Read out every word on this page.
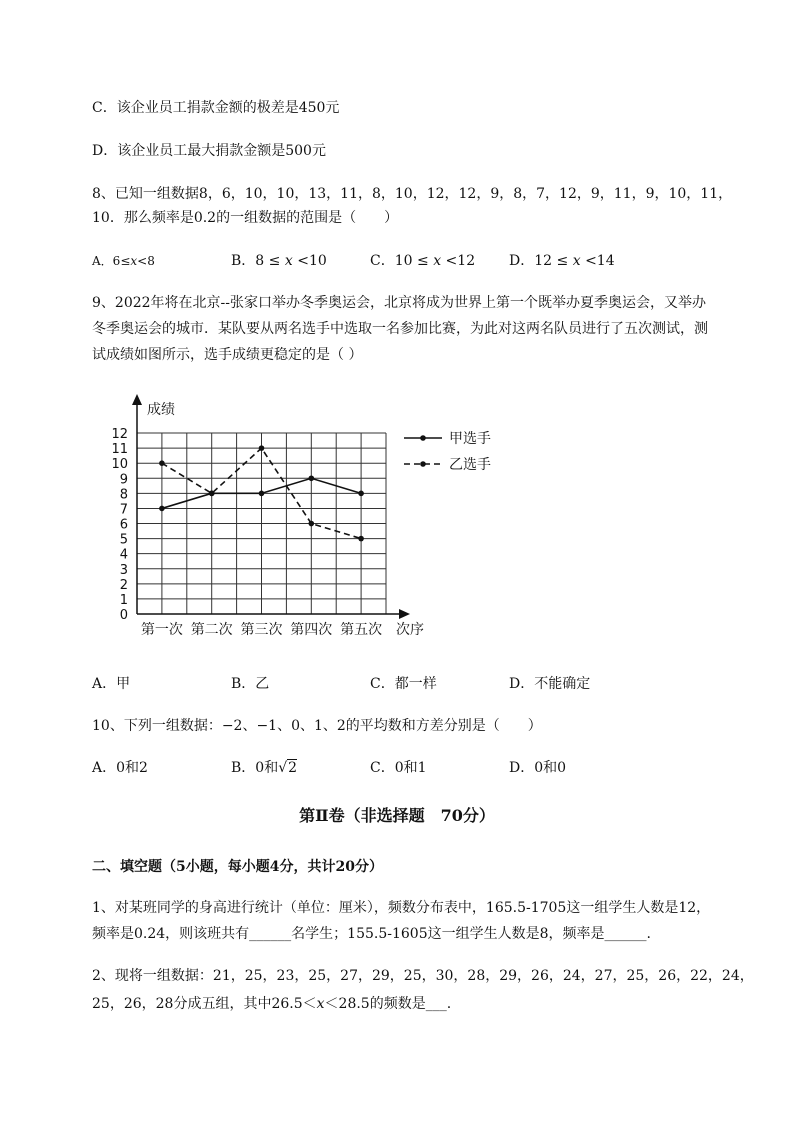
C．该企业员工捐款金额的极差是450元
D．该企业员工最大捐款金额是500元
8、已知一组数据8，6，10，10，13，11，8，10，12，12，9，8，7，12，9，11，9，10，11，
10．那么频率是0.2的一组数据的范围是（　　）
A．6≤x<8	B．8 ≤ x <10	C．10 ≤ x <12 D．12 ≤ x <14
9、2022年将在北京--张家口举办冬季奥运会，北京将成为世界上第一个既举办夏季奥运会，又举办
冬季奥运会的城市．某队要从两名选手中选取一名参加比赛，为此对这两名队员进行了五次测试，测
试成绩如图所示，选手成绩更稳定的是（ ）
0
1
2
3
4
5
6
7
8
9
10
11
12
成绩
次序
第一次 第二次 第三次 第四次 第五次
甲选手
乙选手
A．甲	B．乙	C．都一样	D．不能确定
10、下列一组数据：−2、−1、0、1、2的平均数和方差分别是（　　）
A．0和2	B．0和√2	C．0和1	D．0和0
第Ⅱ卷（非选择题　70分）
二、填空题（5小题，每小题4分，共计20分）
1、对某班同学的身高进行统计（单位：厘米），频数分布表中，165.5-1705这一组学生人数是12，
频率是0.24，则该班共有______名学生；155.5-1605这一组学生人数是8，频率是______.
2、现将一组数据：21，25，23，25，27，29，25，30，28，29，26，24，27，25，26，22，24，
25，26，28分成五组，其中26.5＜x＜28.5的频数是___.
